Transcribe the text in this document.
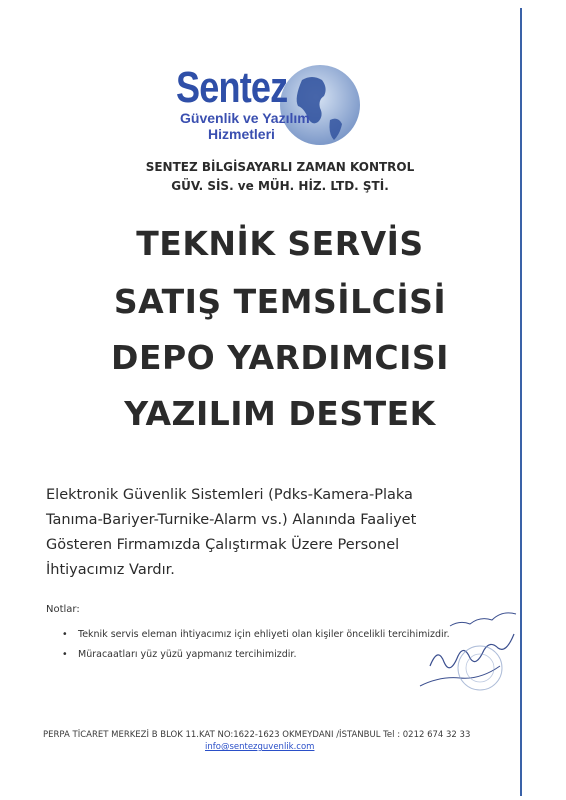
Sentez
Güvenlik ve Yazılım
Hizmetleri
SENTEZ BİLGİSAYARLI ZAMAN KONTROL
GÜV. SİS. ve MÜH. HİZ. LTD. ŞTİ.
TEKNİK SERVİS
SATIŞ TEMSİLCİSİ
DEPO YARDIMCISI
YAZILIM DESTEK
Elektronik Güvenlik Sistemleri (Pdks-Kamera-Plaka
Tanıma-Bariyer-Turnike-Alarm vs.) Alanında Faaliyet
Gösteren Firmamızda Çalıştırmak Üzere Personel
İhtiyacımız Vardır.
Notlar:
• Teknik servis eleman ihtiyacımız için ehliyeti olan kişiler öncelikli tercihimizdir.
• Müracaatları yüz yüzü yapmanız tercihimizdir.
PERPA TİCARET MERKEZİ B BLOK 11.KAT NO:1622-1623 OKMEYDANI /İSTANBUL Tel : 0212 674 32 33
info@sentezguvenlik.com
